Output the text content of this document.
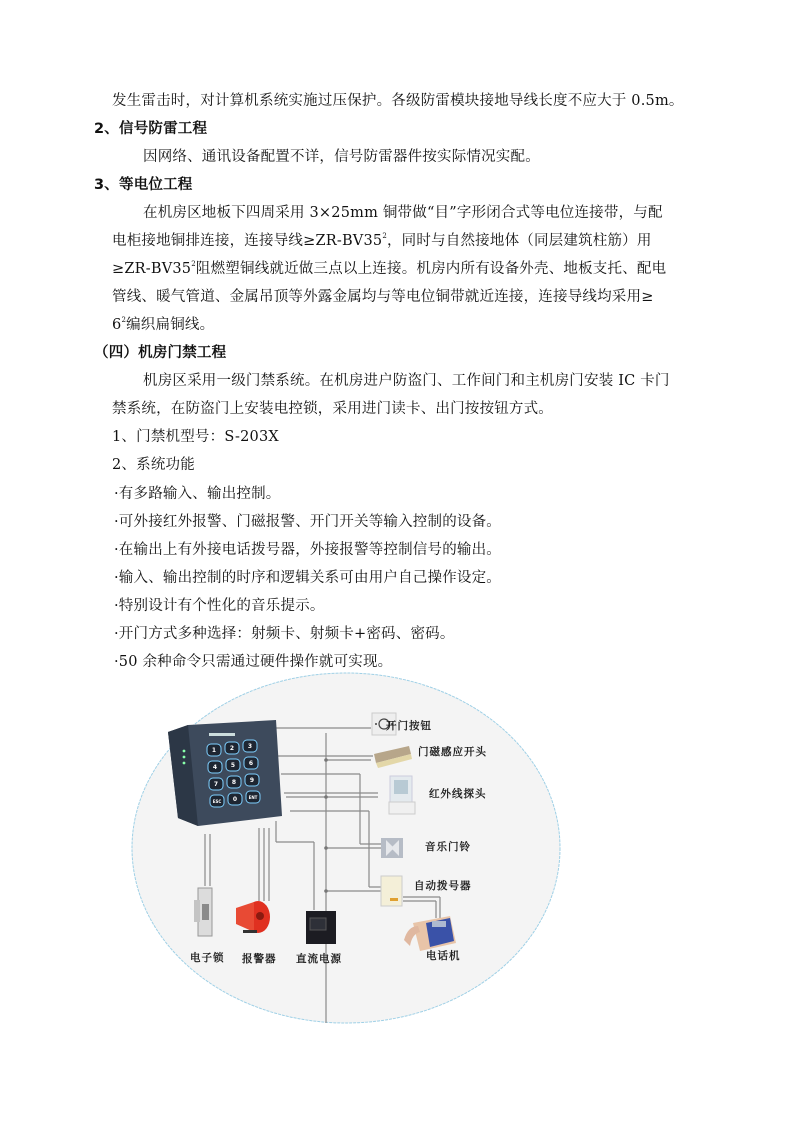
发生雷击时，对计算机系统实施过压保护。各级防雷模块接地导线长度不应大于 0.5m。
2、信号防雷工程
因网络、通讯设备配置不详，信号防雷器件按实际情况实配。
3、等电位工程
在机房区地板下四周采用 3×25mm 铜带做“目”字形闭合式等电位连接带，与配
电柜接地铜排连接，连接导线$\ge ZR-BV35^2$，同时与自然接地体（同层建筑柱筋）用
$\ge ZR-BV35^2$阻燃塑铜线就近做三点以上连接。机房内所有设备外壳、地板支托、配电
管线、暖气管道、金属吊顶等外露金属均与等电位铜带就近连接，连接导线均采用≥
$6^2$编织扁铜线。
（四）机房门禁工程
机房区采用一级门禁系统。在机房进户防盗门、工作间门和主机房门安装 IC 卡门
禁系统，在防盗门上安装电控锁，采用进门读卡、出门按按钮方式。
1、门禁机型号：S-203X
2、系统功能
·有多路输入、输出控制。
·可外接红外报警、门磁报警、开门开关等输入控制的设备。
·在输出上有外接电话拨号器，外接报警等控制信号的输出。
·输入、输出控制的时序和逻辑关系可由用户自己操作设定。
·特别设计有个性化的音乐提示。
·开门方式多种选择：射频卡、射频卡+密码、密码。
·50 余种命令只需通过硬件操作就可实现。
1 2 3
4 5 6
7 8 9
ESC 0	ENT
开门按钮
门磁感应开头
红外线探头
音乐门铃
自动拨号器
电话机
电子锁 报警器 直流电源
